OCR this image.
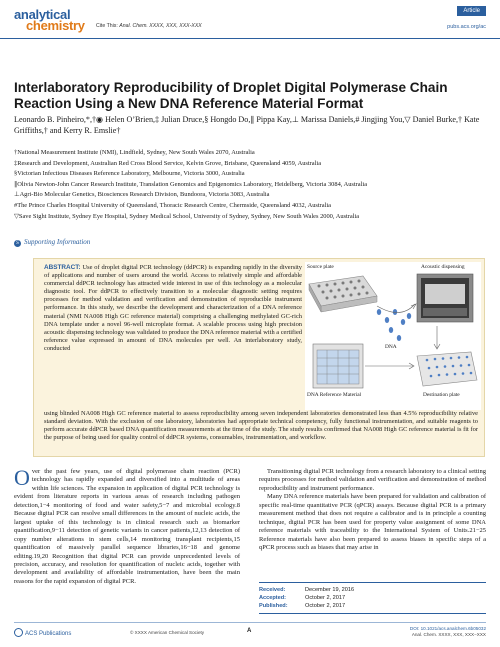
analytical
chemistry Cite This: Anal. Chem. XXXX, XXX, XXX-XXX
Article
pubs.acs.org/ac
Interlaboratory Reproducibility of Droplet Digital Polymerase Chain Reaction Using a New DNA Reference Material Format
Leonardo B. Pinheiro,*,†◉ Helen O’Brien,‡ Julian Druce,§ Hongdo Do,∥ Pippa Kay,⊥ Marissa Daniels,# Jingjing You,▽ Daniel Burke,† Kate Griffiths,† and Kerry R. Emslie†
†National Measurement Institute (NMI), Lindfield, Sydney, New South Wales 2070, Australia
‡Research and Development, Australian Red Cross Blood Service, Kelvin Grove, Brisbane, Queensland 4059, Australia
§Victorian Infectious Diseases Reference Laboratory, Melbourne, Victoria 3000, Australia
∥Olivia Newton-John Cancer Research Institute, Translation Genomics and Epigenomics Laboratory, Heidelberg, Victoria 3084, Australia
⊥Agri-Bio Molecular Genetics, Biosciences Research Division, Bundoora, Victoria 3083, Australia
#The Prince Charles Hospital University of Queensland, Thoracic Research Centre, Chermside, Queensland 4032, Australia
▽Save Sight Institute, Sydney Eye Hospital, Sydney Medical School, University of Sydney, Sydney, New South Wales 2000, Australia
S Supporting Information
ABSTRACT: Use of droplet digital PCR technology (ddPCR) is expanding rapidly in the diversity of applications and number of users around the world. Access to relatively simple and affordable commercial ddPCR technology has attracted wide interest in use of this technology as a molecular diagnostic tool. For ddPCR to effectively transition to a molecular diagnostic setting requires processes for method validation and verification and demonstration of reproducible instrument performance. In this study, we describe the development and characterization of a DNA reference material (NMI NA008 High GC reference material) comprising a challenging methylated GC-rich DNA template under a novel 96-well microplate format. A scalable process using high precision acoustic dispensing technology was validated to produce the DNA reference material with a certified reference value expressed in amount of DNA molecules per well. An interlaboratory study, conducted
Source plate	Acoustic dispensing
DNA
DNA Reference Material	Destination plate
using blinded NA008 High GC reference material to assess reproducibility among seven independent laboratories demonstrated less than 4.5% reproducibility relative standard deviation. With the exclusion of one laboratory, laboratories had appropriate technical competency, fully functional instrumentation, and suitable reagents to perform accurate ddPCR based DNA quantification measurements at the time of the study. The study results confirmed that NA008 High GC reference material is fit for the purpose of being used for quality control of ddPCR systems, consumables, instrumentation, and workflow.
Over the past few years, use of digital polymerase chain reaction (PCR) technology has rapidly expanded and diversified into a multitude of areas within life sciences. The expansion in application of digital PCR technology is evident from literature reports in various areas of research including pathogen detection,1−4 monitoring of food and water safety,5−7 and microbial ecology.8 Because digital PCR can resolve small differences in the amount of nucleic acids, the largest uptake of this technology is in clinical research such as biomarker quantification,9−11 detection of genetic variants in cancer patients,12,13 detection of copy number alterations in stem cells,14 monitoring transplant recipients,15 quantification of massively parallel sequence libraries,16−18 and genome editing.19,20 Recognition that digital PCR can provide unprecedented levels of precision, accuracy, and resolution for quantification of nucleic acids, together with development and availability of affordable instrumentation, have been the main reasons for the rapid expansion of digital PCR.

Transitioning digital PCR technology from a research laboratory to a clinical setting requires processes for method validation and verification and demonstration of method reproducibility and instrument performance.

Many DNA reference materials have been prepared for validation and calibration of specific real-time quantitative PCR (qPCR) assays. Because digital PCR is a primary measurement method that does not require a calibrator and is in principle a counting technique, digital PCR has been used for property value assignment of some DNA reference materials with traceability to the International System of Units.21−25 Reference materials have also been prepared to assess biases in specific steps of a qPCR process such as biases that may arise in

Received:	December 19, 2016
Accepted:	October 2, 2017
Published:	October 2, 2017
ACS Publications	© XXXX American Chemical Society	A	DOI: 10.1021/acs.analchem.6b05032
Anal. Chem. XXXX, XXX, XXX−XXX
